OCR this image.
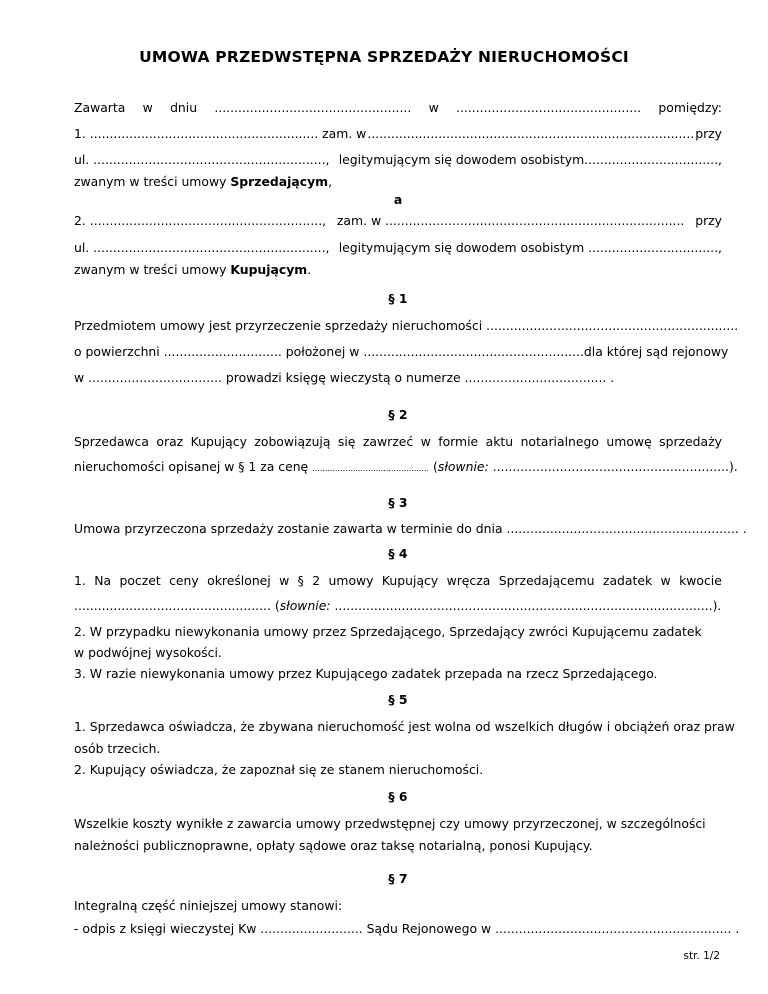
UMOWA PRZEDWSTĘPNA SPRZEDAŻY NIERUCHOMOŚCI
Zawarta w dniu .................................................. w ............................................... pomiędzy:
1. .......................................................... zam. w ................................................................................... przy
ul. ..........................................................., legitymującym się dowodem osobistym..................................,
zwanym w treści umowy Sprzedającym,
a
2. ..........................................................., zam. w ............................................................................ przy
ul. ..........................................................., legitymującym się dowodem osobistym .................................,
zwanym w treści umowy Kupującym.
§ 1
Przedmiotem umowy jest przyrzeczenie sprzedaży nieruchomości ................................................................
o powierzchni .............................. położonej w ........................................................ dla której sąd rejonowy
w .................................. prowadzi księgę wieczystą o numerze .................................... .
§ 2
Sprzedawca oraz Kupujący zobowiązują się zawrzeć w formie aktu notarialnego umowę sprzedaży
nieruchomości opisanej w § 1 za cenę .............................................. (słownie: ............................................................).
§ 3
Umowa przyrzeczona sprzedaży zostanie zawarta w terminie do dnia ........................................................... .
§ 4
1. Na poczet ceny określonej w § 2 umowy Kupujący wręcza Sprzedającemu zadatek w kwocie
.................................................. (słownie: ................................................................................................).
2. W przypadku niewykonania umowy przez Sprzedającego, Sprzedający zwróci Kupującemu zadatek
w podwójnej wysokości.
3. W razie niewykonania umowy przez Kupującego zadatek przepada na rzecz Sprzedającego.
§ 5
1. Sprzedawca oświadcza, że zbywana nieruchomość jest wolna od wszelkich długów i obciążeń oraz praw
osób trzecich.
2. Kupujący oświadcza, że zapoznał się ze stanem nieruchomości.
§ 6
Wszelkie koszty wynikłe z zawarcia umowy przedwstępnej czy umowy przyrzeczonej, w szczególności
należności publicznoprawne, opłaty sądowe oraz taksę notarialną, ponosi Kupujący.
§ 7
Integralną część niniejszej umowy stanowi:
- odpis z księgi wieczystej Kw .......................... Sądu Rejonowego w ............................................................ .
str. 1/2
